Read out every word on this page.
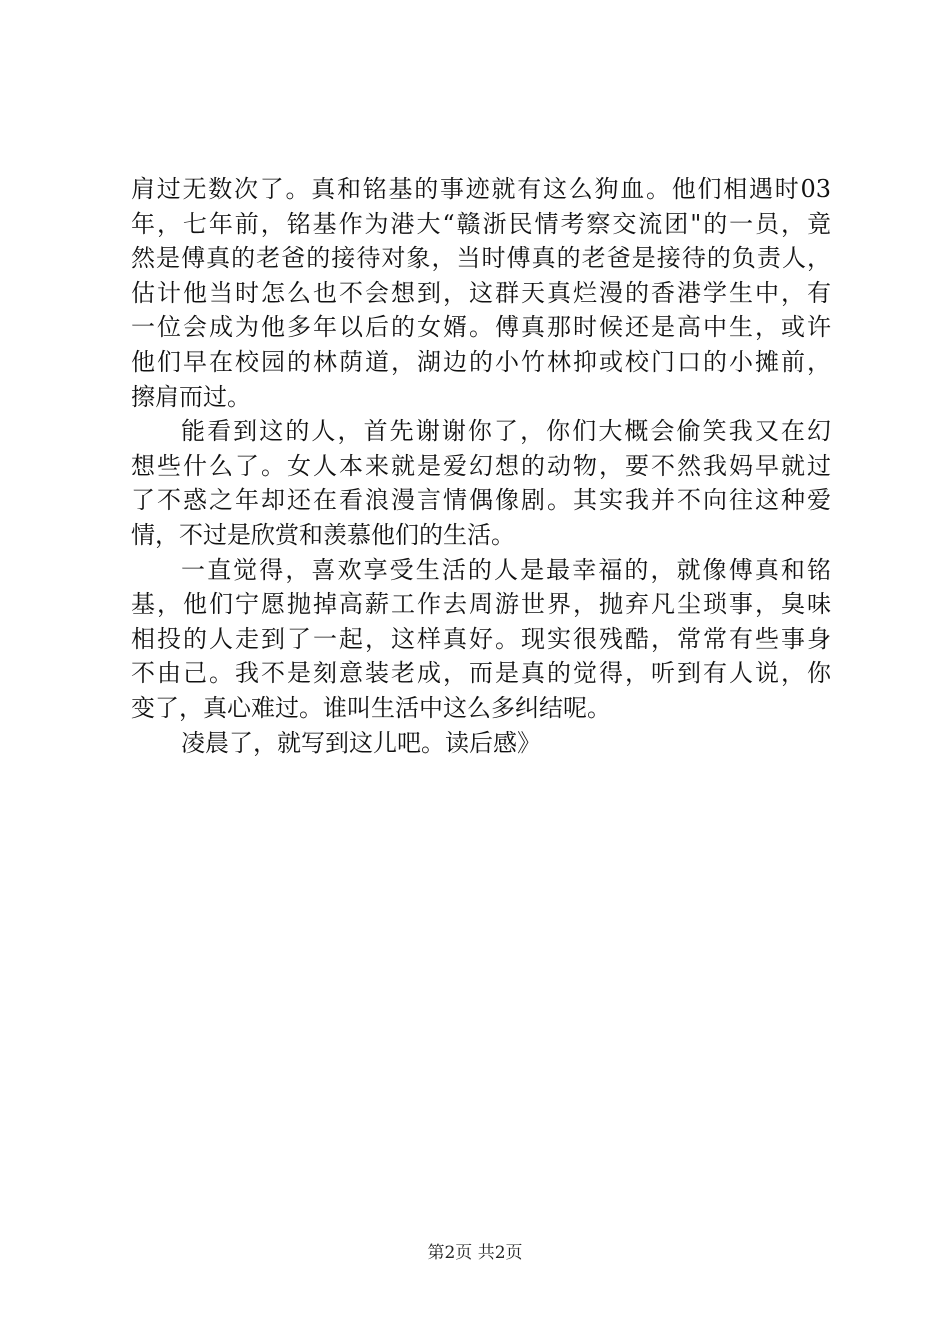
肩过无数次了。真和铭基的事迹就有这么狗血。他们相遇时03
年，七年前，铭基作为港大“赣浙民情考察交流团"的一员，竟
然是傅真的老爸的接待对象，当时傅真的老爸是接待的负责人，
估计他当时怎么也不会想到，这群天真烂漫的香港学生中，有
一位会成为他多年以后的女婿。傅真那时候还是高中生，或许
他们早在校园的林荫道，湖边的小竹林抑或校门口的小摊前，
擦肩而过。
能看到这的人，首先谢谢你了，你们大概会偷笑我又在幻
想些什么了。女人本来就是爱幻想的动物，要不然我妈早就过
了不惑之年却还在看浪漫言情偶像剧。其实我并不向往这种爱
情，不过是欣赏和羡慕他们的生活。
一直觉得，喜欢享受生活的人是最幸福的，就像傅真和铭
基，他们宁愿抛掉高薪工作去周游世界，抛弃凡尘琐事，臭味
相投的人走到了一起，这样真好。现实很残酷，常常有些事身
不由己。我不是刻意装老成，而是真的觉得，听到有人说，你
变了，真心难过。谁叫生活中这么多纠结呢。
凌晨了，就写到这儿吧。读后感》
第2页 共2页
